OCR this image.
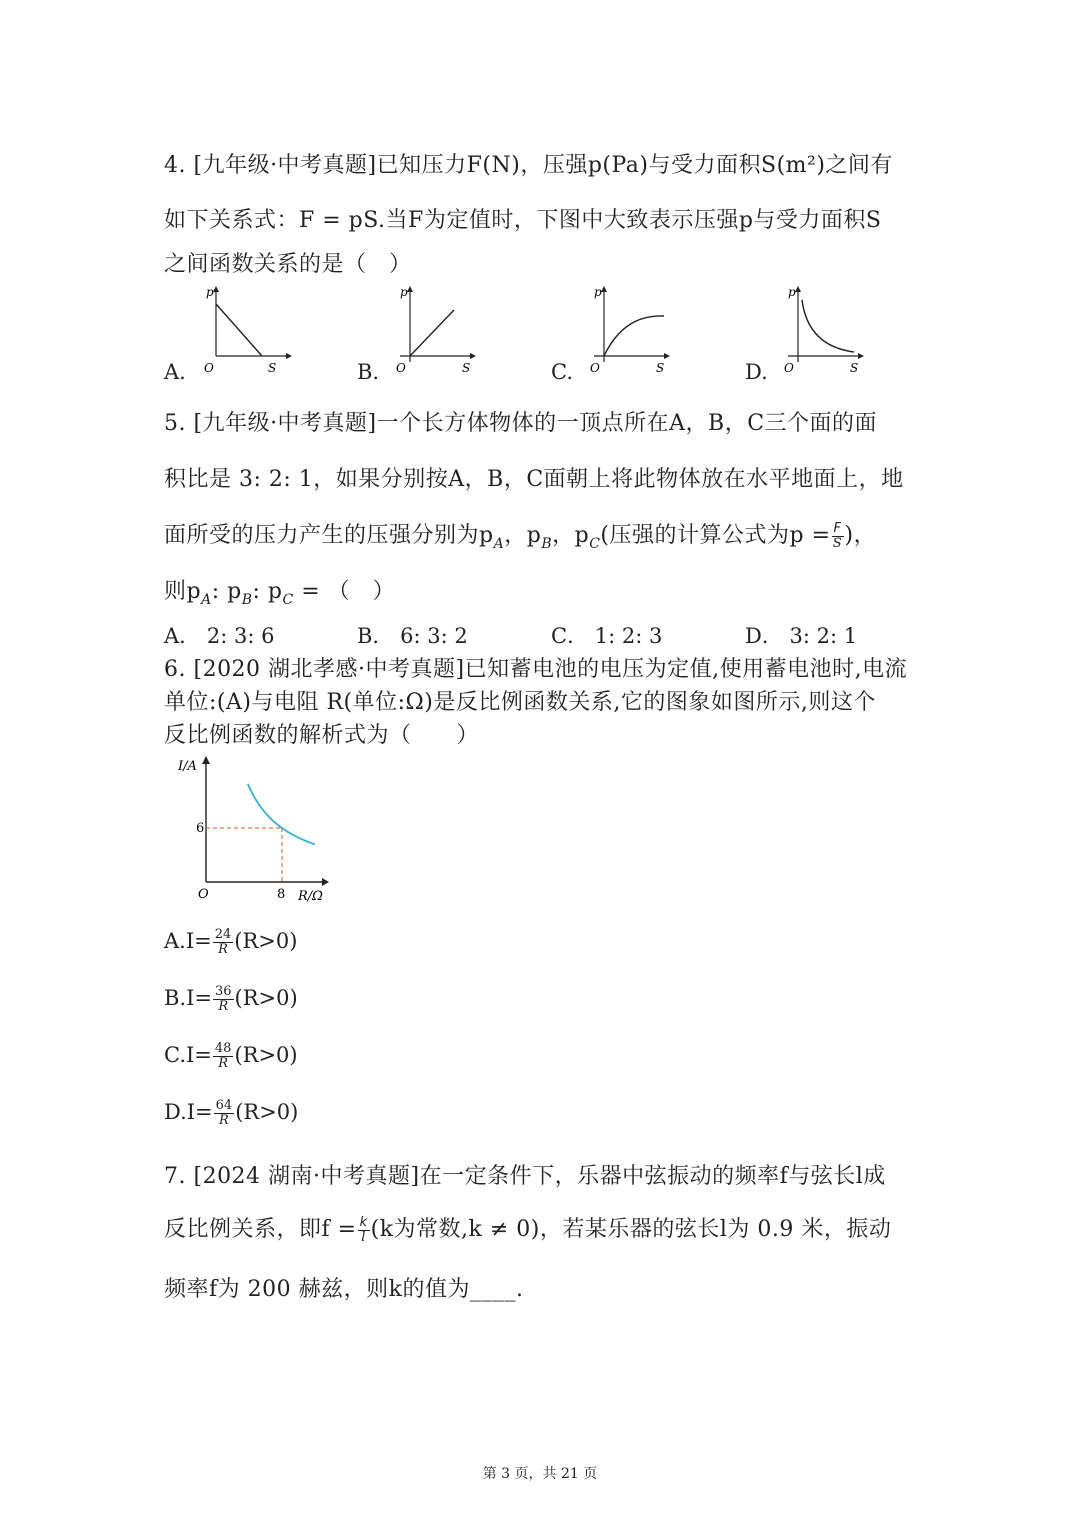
4. [九年级·中考真题]已知压力F(N)，压强p(Pa)与受力面积S(m²)之间有
如下关系式：F = pS.当F为定值时，下图中大致表示压强p与受力面积S
之间函数关系的是（　）
A.
p
O	S	B.
p
O	S	C.
p
O	S	D.
p
O	S
5. [九年级·中考真题]一个长方体物体的一顶点所在A，B，C三个面的面
积比是 3: 2: 1，如果分别按A，B，C面朝上将此物体放在水平地面上，地
面所受的压力产生的压强分别为$p_A$，$p_B$，$p_C$(压强的计算公式为$p = \frac{F}{S}$ )，
则$p_A$: $p_B$: $p_C$ = （　）
A． 2: 3: 6	B． 6: 3: 2	C． 1: 2: 3	D． 3: 2: 1
6. [2020 湖北孝感·中考真题]已知蓄电池的电压为定值,使用蓄电池时,电流
单位:(A)与电阻 R(单位:Ω)是反比例函数关系,它的图象如图所示,则这个
反比例函数的解析式为（　　）
I/A
6
O	8 R/Ω
$A.I= \frac{24}{R} (R>0)$
$B.I= \frac{36}{R} (R>0)$
$C.I= \frac{48}{R} (R>0)$
$D.I= \frac{64}{R} (R>0)$
7. [2024 湖南·中考真题]在一定条件下，乐器中弦振动的频率f与弦长l成
反比例关系，即$f = \frac{k}{l} (k$为常数,k ≠ 0)，若某乐器的弦长l为 0.9 米，振动
频率f为 200 赫兹，则k的值为____.
第 3 页，共 21 页
